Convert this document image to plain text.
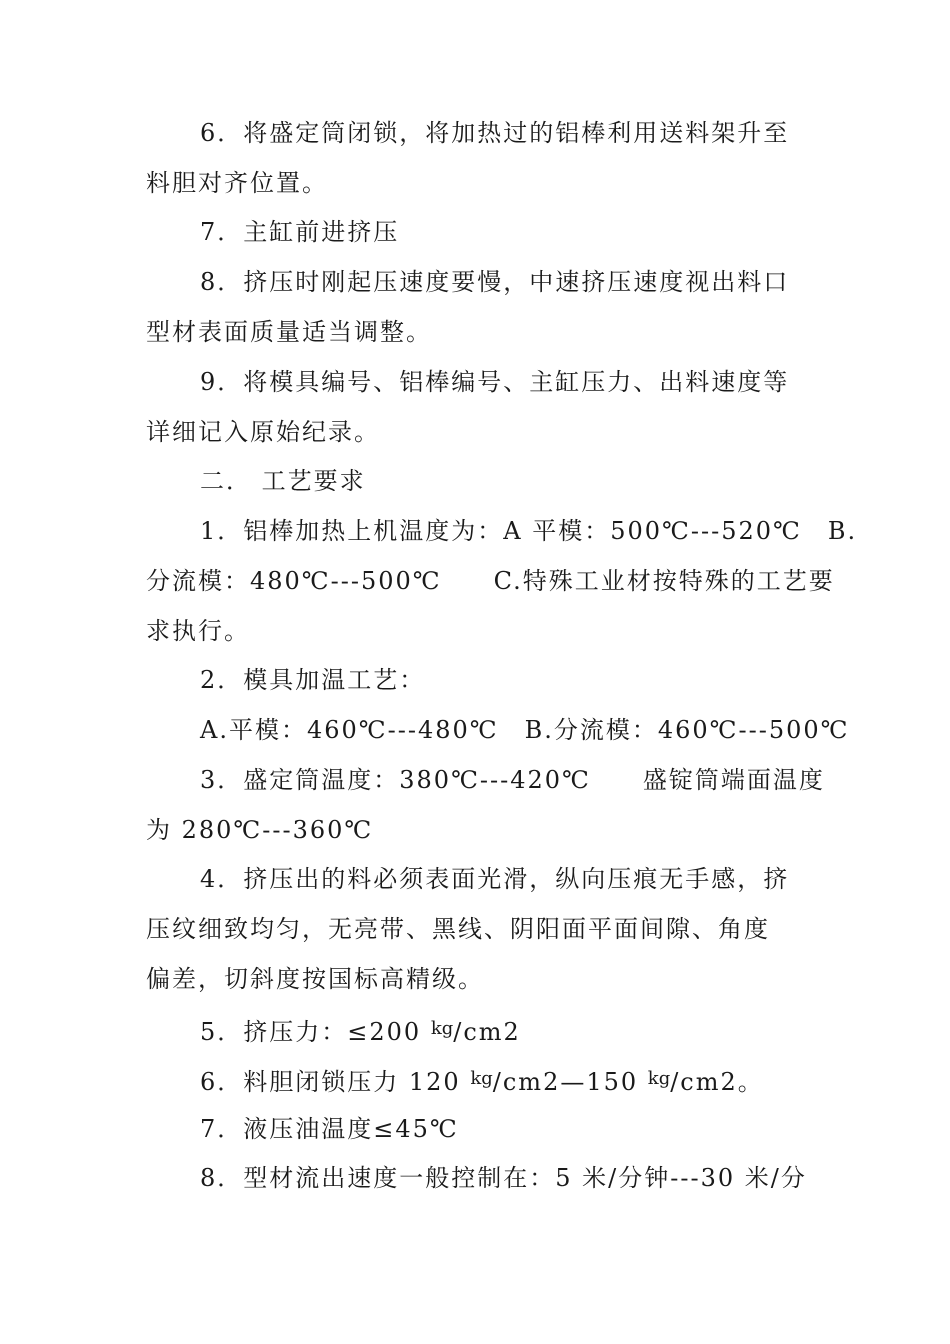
6．将盛定筒闭锁，将加热过的铝棒利用送料架升至
料胆对齐位置。
7．主缸前进挤压
8．挤压时刚起压速度要慢，中速挤压速度视出料口
型材表面质量适当调整。
9．将模具编号、铝棒编号、主缸压力、出料速度等
详细记入原始纪录。
二． 工艺要求
1．铝棒加热上机温度为：A 平模：500℃---520℃　B.
分流模：480℃---500℃　　C.特殊工业材按特殊的工艺要
求执行。
2．模具加温工艺：
A.平模：460℃---480℃　B.分流模：460℃---500℃
3．盛定筒温度：380℃---420℃　　盛锭筒端面温度
为 280℃---360℃
4．挤压出的料必须表面光滑，纵向压痕无手感，挤
压纹细致均匀，无亮带、黑线、阴阳面平面间隙、角度
偏差，切斜度按国标高精级。
5．挤压力：≤200 $^{kg}$/cm2
6．料胆闭锁压力 120 $^{kg}$/cm2—150 $^{kg}$/cm2。
7．液压油温度≤45℃
8．型材流出速度一般控制在：5 米/分钟---30 米/分
